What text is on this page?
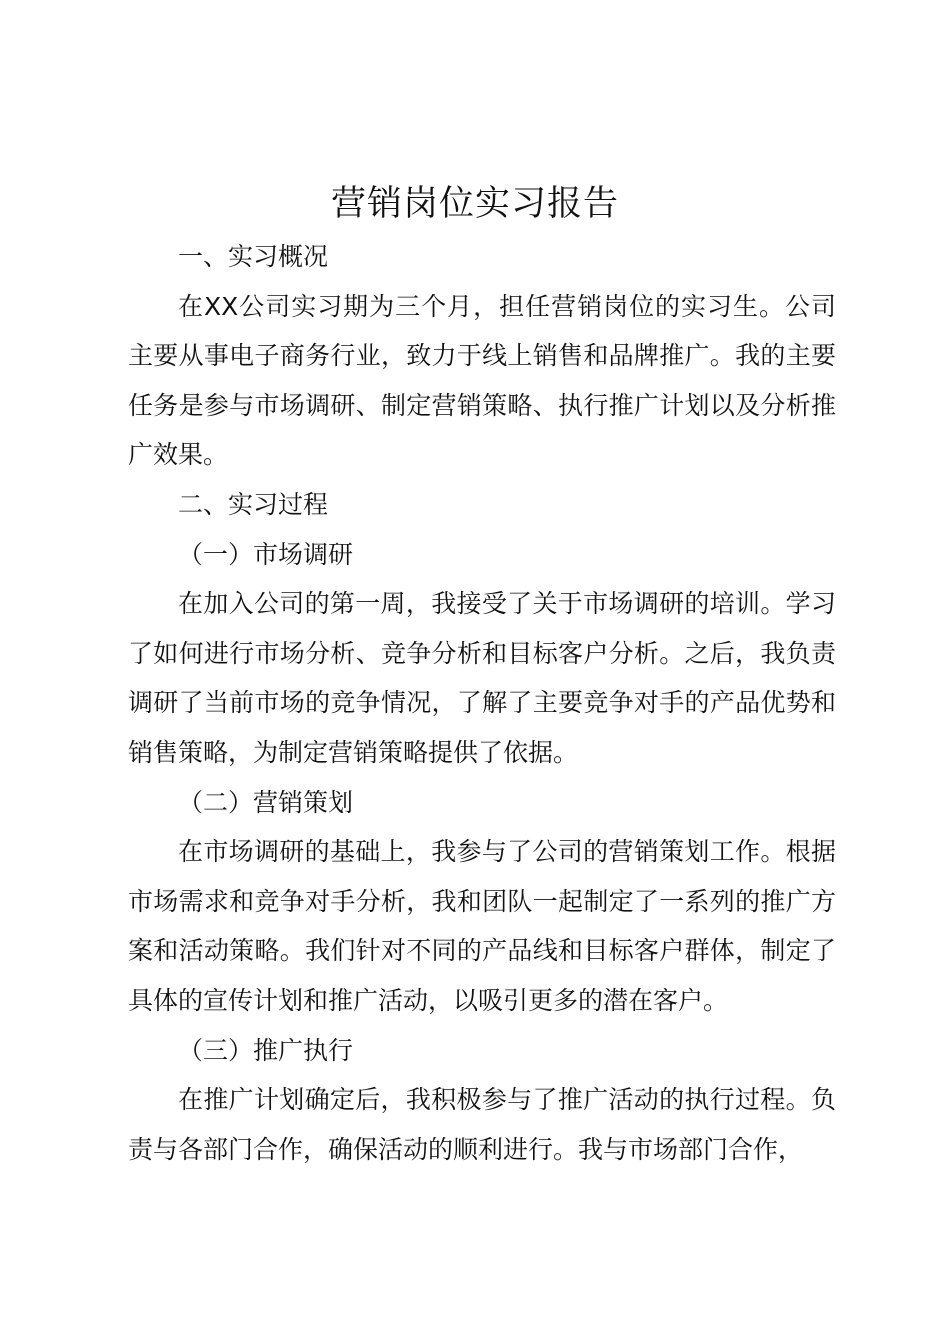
营销岗位实习报告

一、实习概况

在XX公司实习期为三个月，担任营销岗位的实习生。公司主要从事电子商务行业，致力于线上销售和品牌推广。我的主要任务是参与市场调研、制定营销策略、执行推广计划以及分析推广效果。

二、实习过程

（一）市场调研

在加入公司的第一周，我接受了关于市场调研的培训。学习了如何进行市场分析、竞争分析和目标客户分析。之后，我负责调研了当前市场的竞争情况，了解了主要竞争对手的产品优势和销售策略，为制定营销策略提供了依据。

（二）营销策划

在市场调研的基础上，我参与了公司的营销策划工作。根据市场需求和竞争对手分析，我和团队一起制定了一系列的推广方案和活动策略。我们针对不同的产品线和目标客户群体，制定了具体的宣传计划和推广活动，以吸引更多的潜在客户。

（三）推广执行

在推广计划确定后，我积极参与了推广活动的执行过程。负责与各部门合作，确保活动的顺利进行。我与市场部门合作，
